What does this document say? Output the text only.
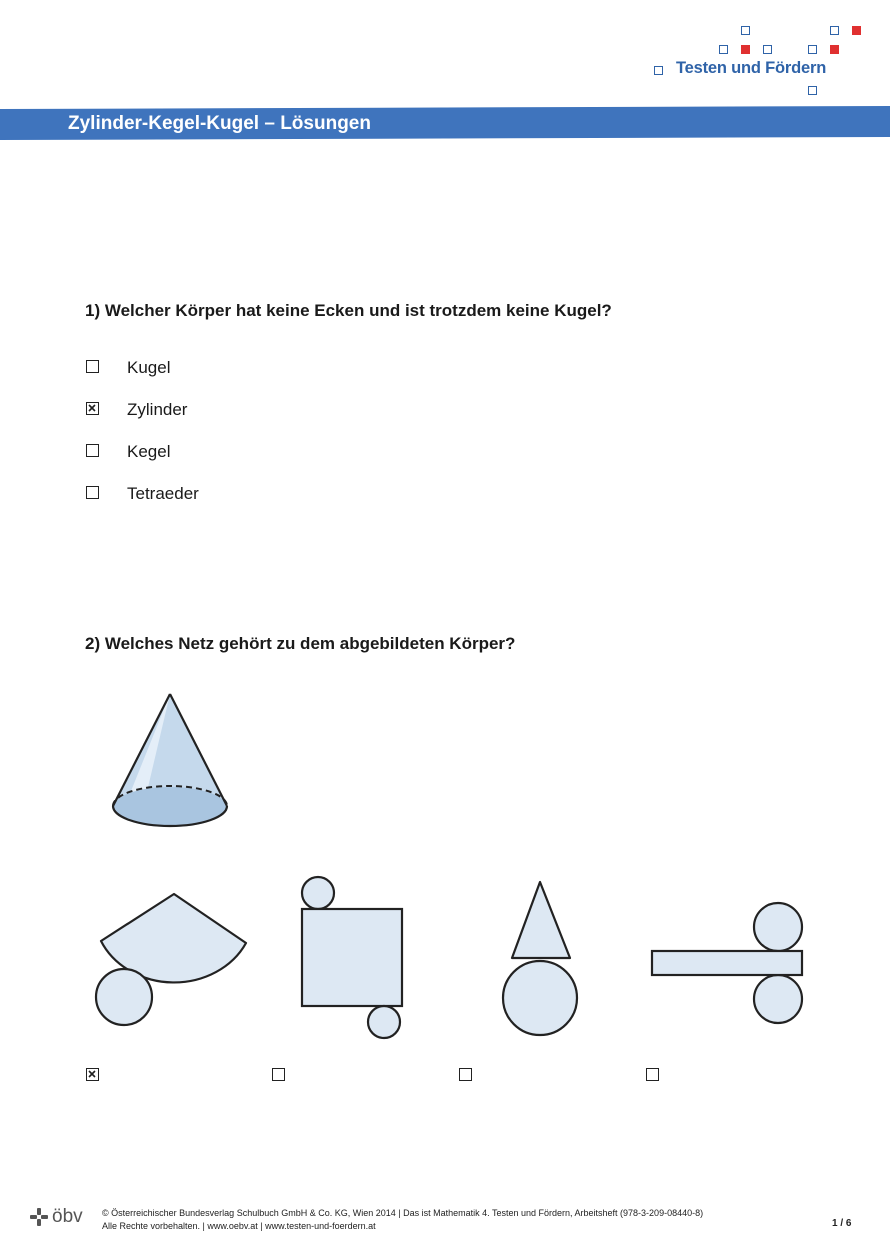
Testen und Fördern
Zylinder-Kegel-Kugel – Lösungen
1) Welcher Körper hat keine Ecken und ist trotzdem keine Kugel?
Kugel
Zylinder
Kegel
Tetraeder
2) Welches Netz gehört zu dem abgebildeten Körper?
öbv © Österreichischer Bundesverlag Schulbuch GmbH & Co. KG, Wien 2014 | Das ist Mathematik 4. Testen und Fördern, Arbeitsheft (978-3-209-08440-8)
Alle Rechte vorbehalten. | www.oebv.at | www.testen-und-foerdern.at	1 / 6
